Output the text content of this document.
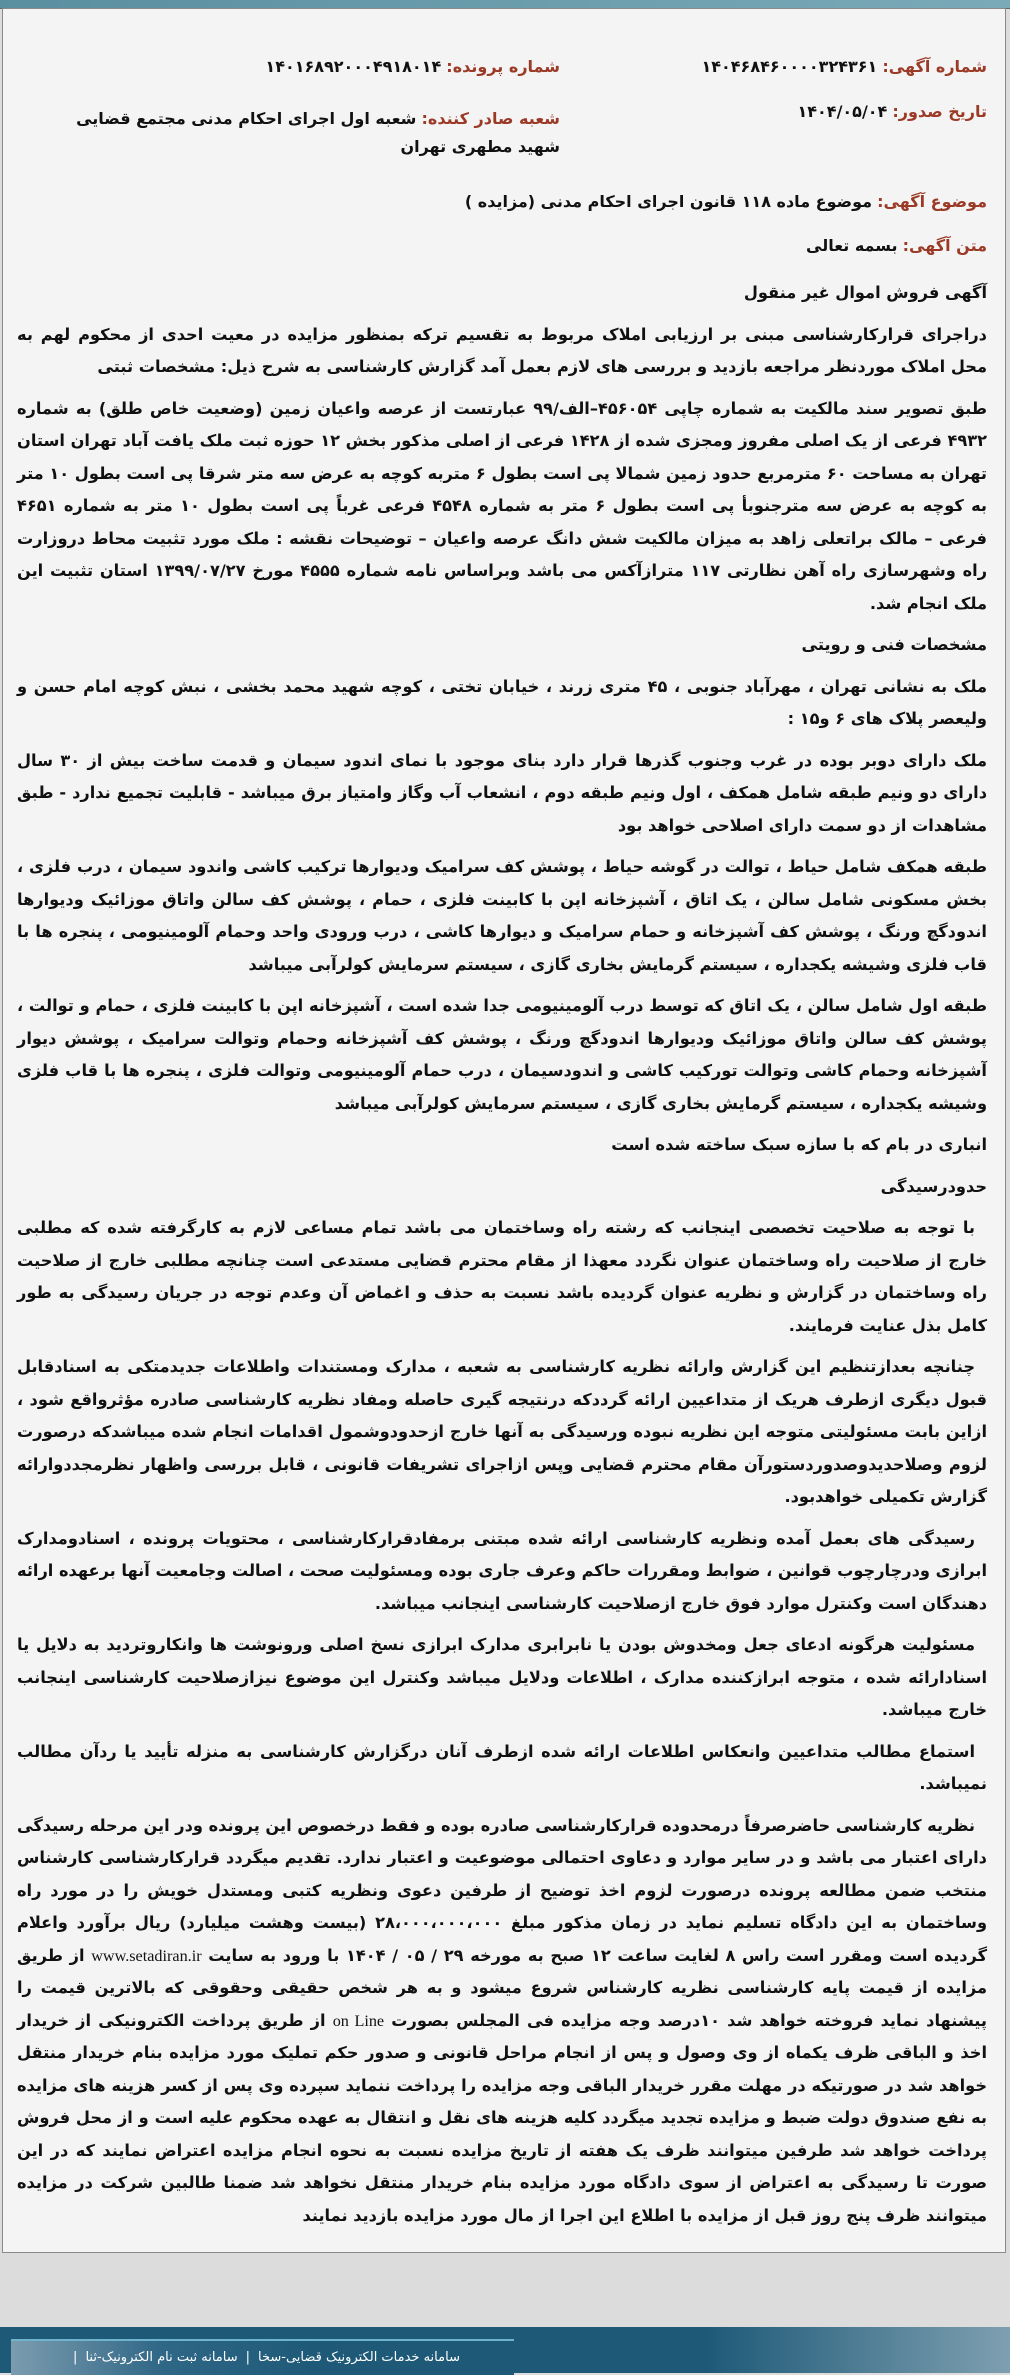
شماره آگهی: ۱۴۰۴۶۸۴۶۰۰۰۰۳۲۴۳۶۱
تاریخ صدور: ۱۴۰۴/۰۵/۰۴
شماره پرونده: ۱۴۰۱۶۸۹۲۰۰۰۴۹۱۸۰۱۴
شعبه صادر کننده: شعبه اول اجرای احکام مدنی مجتمع قضایی شهید مطهری تهران
موضوع آگهی: موضوع ماده ۱۱۸ قانون اجرای احکام مدنی (مزایده )
متن آگهی: بسمه تعالی

آگهی فروش اموال غیر منقول

دراجرای قرارکارشناسی مبنی بر ارزیابی املاک مربوط به تقسیم ترکه بمنظور مزایده در معیت احدی از محکوم لهم به محل املاک مورد‌نظر مراجعه بازدید و بررسی های لازم بعمل آمد گزارش کارشناسی به شرح ذیل: مشخصات ثبتی

طبق تصویر سند مالکیت به شماره چاپی ۴۵۶۰۵۴–الف/۹۹ عبارتست از عرصه واعیان زمین (وضعیت خاص طلق) به شماره ۴۹۳۲ فرعی از یک اصلی مفروز ومجزی شده از ۱۴۲۸ فرعی از اصلی مذکور بخش ۱۲ حوزه ثبت ملک یافت آباد تهران استان تهران به مساحت ۶۰ مترمربع حدود زمین شمالا پی است بطول ۶ متربه کوچه به عرض سه متر شرقا پی است بطول ۱۰ متر به کوچه به عرض سه مترجنوبأ پی است بطول ۶ متر به شماره ۴۵۴۸ فرعی غرباً پی است بطول ۱۰ متر به شماره ۴۶۵۱ فرعی – مالک براتعلی زاهد به میزان مالکیت شش دانگ عرصه واعیان – توضیحات نقشه : ملک مورد تثبیت محاط دروزارت راه وشهرسازی راه آهن نظارتی ۱۱۷ مترازآکس می باشد وبراساس نامه شماره ۴۵۵۵ مورخ ۱۳۹۹/۰۷/۲۷ استان تثبیت این ملک انجام شد.

مشخصات فنی و رویتی

ملک به نشانی تهران ، مهرآباد جنوبی ، ۴۵ متری زرند ، خیابان تختی ، کوچه شهید محمد بخشی ، نبش کوچه امام حسن و ولیعصر پلاک های ۶ و۱۵ :

ملک دارای دوبر بوده در غرب وجنوب گذرها قرار دارد بنای موجود با نمای اندود سیمان و قدمت ساخت بیش از ۳۰ سال دارای دو ونیم طبقه شامل همکف ، اول ونیم طبقه دوم ، انشعاب آب وگاز وامتیاز برق میباشد - قابلیت تجمیع ندارد - طبق مشاهدات از دو سمت دارای اصلاحی خواهد بود

طبقه همکف شامل حیاط ، توالت در گوشه حیاط ، پوشش کف سرامیک ودیوارها ترکیب کاشی واندود سیمان ، درب فلزی ، بخش مسکونی شامل سالن ، یک اتاق ، آشپزخانه اپن با کابینت فلزی ، حمام ، پوشش کف سالن واتاق موزائیک ودیوارها اندودگچ ورنگ ، پوشش کف آشپزخانه و حمام سرامیک و دیوارها کاشی ، درب ورودی واحد وحمام آلومینیومی ، پنجره ها با قاب فلزی وشیشه یکجداره ، سیستم گرمایش بخاری گازی ، سیستم سرمایش کولرآبی میباشد

طبقه اول شامل سالن ، یک اتاق که توسط درب آلومینیومی جدا شده است ، آشپزخانه اپن با کابینت فلزی ، حمام و توالت ، پوشش کف سالن واتاق موزائیک ودیوارها اندودگچ ورنگ ، پوشش کف آشپزخانه وحمام وتوالت سرامیک ، پوشش دیوار آشپزخانه وحمام کاشی وتوالت تورکیب کاشی و اندودسیمان ، درب حمام آلومینیومی وتوالت فلزی ، پنجره ها با قاب فلزی وشیشه یکجداره ، سیستم گرمایش بخاری گازی ، سیستم سرمایش کولرآبی میباشد

انباری در بام که با سازه سبک ساخته شده است

حدودرسیدگی

با توجه به صلاحیت تخصصی اینجانب که رشته راه وساختمان می باشد تمام مساعی لازم به کارگرفته شده که مطلبی خارج از صلاحیت راه وساختمان عنوان نگردد معهذا از مقام محترم قضایی مستدعی است چنانچه مطلبی خارج از صلاحیت راه وساختمان در گزارش و نظریه عنوان گردیده باشد نسبت به حذف و اغماض آن وعدم توجه در جریان رسیدگی به طور کامل بذل عنایت فرمایند.

چنانچه بعدازتنظیم این گزارش وارائه نظریه کارشناسی به شعبه ، مدارک ومستندات واطلاعات جدیدمتکی به اسنادقابل قبول دیگری ازطرف هریک از متداعیین ارائه گرددکه درنتیجه گیری حاصله ومفاد نظریه کارشناسی صادره مؤثرواقع شود ، ازاین بابت مسئولیتی متوجه این نظریه نبوده ورسیدگی به آنها خارج ازحدودوشمول اقدامات انجام شده میباشدکه درصورت لزوم وصلاحدیدوصدوردستورآن مقام محترم قضایی وپس ازاجرای تشریفات قانونی ، قابل بررسی واظهار نظرمجددوارائه گزارش تکمیلی خواهدبود.

رسیدگی های بعمل آمده ونظریه کارشناسی ارائه شده مبتنی برمفادقرارکارشناسی ، محتویات پرونده ، اسنادومدارک ابرازی ودرچارچوب قوانین ، ضوابط ومقررات حاکم وعرف جاری بوده ومسئولیت صحت ، اصالت وجامعیت آنها برعهده ارائه دهندگان است وکنترل موارد فوق خارج ازصلاحیت کارشناسی اینجانب میباشد.

مسئولیت هرگونه ادعای جعل ومخدوش بودن یا نابرابری مدارک ابرازی نسخ اصلی ورونوشت ها وانکاروتردید به دلایل یا اسنادارائه شده ، متوجه ابرازکننده مدارک ، اطلاعات ودلایل میباشد وکنترل این موضوع نیزازصلاحیت کارشناسی اینجانب خارج میباشد.

استماع مطالب متداعیین وانعکاس اطلاعات ارائه شده ازطرف آنان درگزارش کارشناسی به منزله تأیید یا ردآن مطالب نمیباشد.

نظریه کارشناسی حاضرصرفاً درمحدوده قرارکارشناسی صادره بوده و فقط درخصوص این پرونده ودر این مرحله رسیدگی دارای اعتبار می باشد و در سایر موارد و دعاوی احتمالی موضوعیت و اعتبار ندارد. تقدیم میگردد قرارکارشناسی کارشناس منتخب ضمن مطالعه پرونده درصورت لزوم اخذ توضیح از طرفین دعوی ونظریه کتبی ومستدل خویش را در مورد راه وساختمان به این دادگاه تسلیم نماید در زمان مذکور مبلغ ۲۸،۰۰۰،۰۰۰،۰۰۰ (بیست وهشت میلیارد) ریال برآورد واعلام گردیده است ومقرر است راس ۸ لغایت ساعت ۱۲ صبح به مورخه ۲۹ / ۰۵ / ۱۴۰۴ با ورود به سایت www.setadiran.ir از طریق مزایده از قیمت پایه کارشناسی نظریه کارشناس شروع میشود و به هر شخص حقیقی وحقوقی که بالاترین قیمت را پیشنهاد نماید فروخته خواهد شد ۱۰درصد وجه مزایده فی المجلس بصورت on Line از طریق پرداخت الکترونیکی از خریدار اخذ و الباقی ظرف یکماه از وی وصول و پس از انجام مراحل قانونی و صدور حکم تملیک مورد مزایده بنام خریدار منتقل خواهد شد در صورتیکه در مهلت مقرر خریدار الباقی وجه مزایده را پرداخت ننماید سپرده وی پس از کسر هزینه های مزایده به نفع صندوق دولت ضبط و مزایده تجدید میگردد کلیه هزینه های نقل و انتقال به عهده محکوم علیه است و از محل فروش پرداخت خواهد شد طرفین میتوانند ظرف یک هفته از تاریخ مزایده نسبت به نحوه انجام مزایده اعتراض نمایند که در این صورت تا رسیدگی به اعتراض از سوی دادگاه مورد مزایده بنام خریدار منتقل نخواهد شد ضمنا طالبین شرکت در مزایده میتوانند ظرف پنج روز قبل از مزایده با اطلاع این اجرا از مال مورد مزایده بازدید نمایند

سامانه خدمات الکترونیک قضایی-سخا
|
سامانه ثبت نام الکترونیک-ثنا
|
